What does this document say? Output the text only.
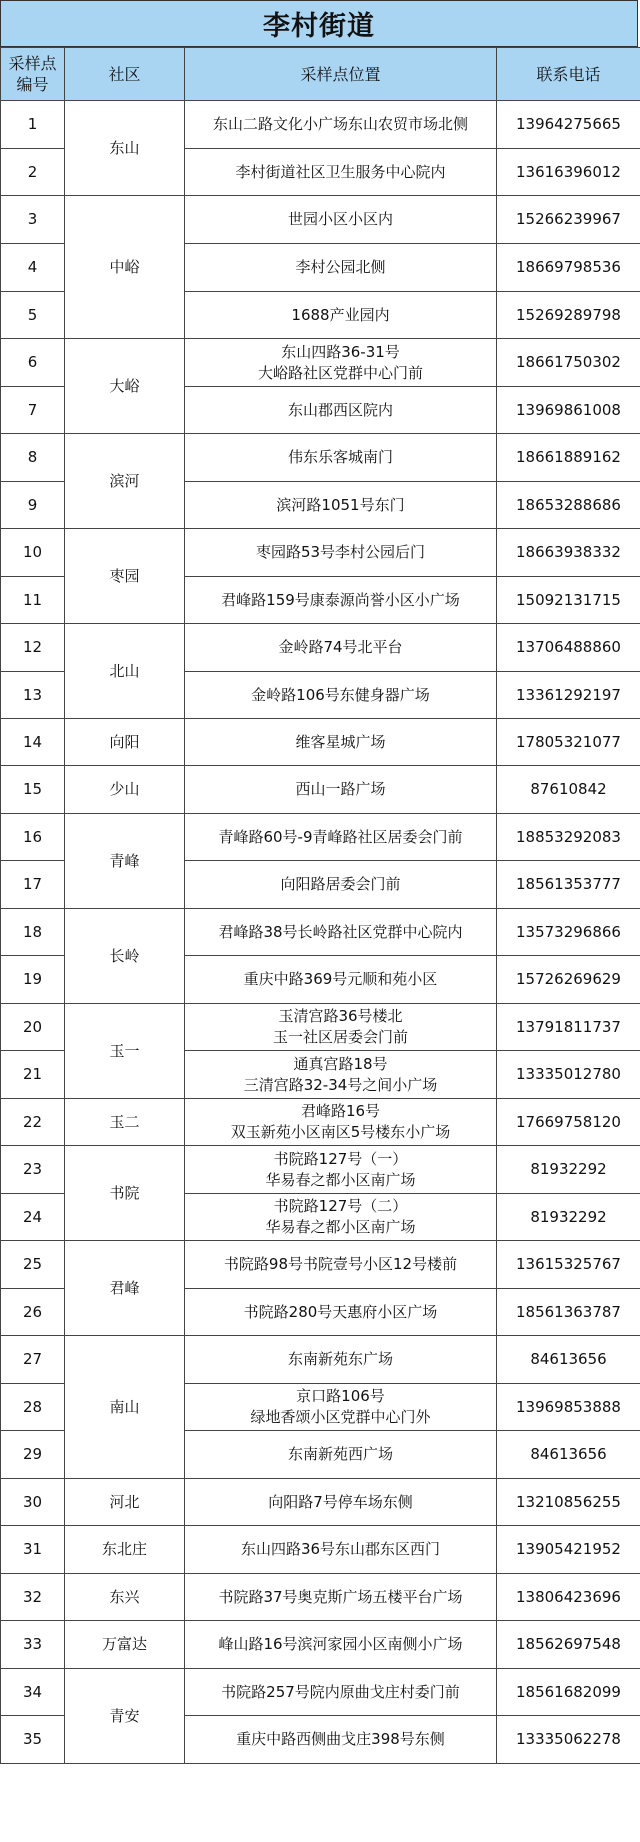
李村街道
采样点
编号	社区	采样点位置	联系电话
1	东山	东山二路文化小广场东山农贸市场北侧	13964275665
2		李村街道社区卫生服务中心院内	13616396012
3	中峪	世园小区小区内	15266239967
4		李村公园北侧	18669798536
5		1688产业园内	15269289798
6	大峪	东山四路36-31号
大峪路社区党群中心门前	18661750302
7		东山郡西区院内	13969861008
8	滨河	伟东乐客城南门	18661889162
9		滨河路1051号东门	18653288686
10	枣园	枣园路53号李村公园后门	18663938332
11		君峰路159号康泰源尚誉小区小广场	15092131715
12	北山	金岭路74号北平台	13706488860
13		金岭路106号东健身器广场	13361292197
14	向阳	维客星城广场	17805321077
15	少山	西山一路广场	87610842
16	青峰	青峰路60号-9青峰路社区居委会门前	18853292083
17		向阳路居委会门前	18561353777
18	长岭	君峰路38号长岭路社区党群中心院内	13573296866
19		重庆中路369号元顺和苑小区	15726269629
20	玉一	玉清宫路36号楼北
玉一社区居委会门前	13791811737
21		通真宫路18号
三清宫路32-34号之间小广场	13335012780
22	玉二	君峰路16号
双玉新苑小区南区5号楼东小广场	17669758120
23	书院	书院路127号（一）
华易春之都小区南广场	81932292
24		书院路127号（二）
华易春之都小区南广场	81932292
25	君峰	书院路98号书院壹号小区12号楼前	13615325767
26		书院路280号天惠府小区广场	18561363787
27	南山	东南新苑东广场	84613656
28		京口路106号
绿地香颂小区党群中心门外	13969853888
29		东南新苑西广场	84613656
30	河北	向阳路7号停车场东侧	13210856255
31	东北庄	东山四路36号东山郡东区西门	13905421952
32	东兴	书院路37号奥克斯广场五楼平台广场	13806423696
33	万富达	峰山路16号滨河家园小区南侧小广场	18562697548
34	青安	书院路257号院内原曲戈庄村委门前	18561682099
35		重庆中路西侧曲戈庄398号东侧	13335062278
